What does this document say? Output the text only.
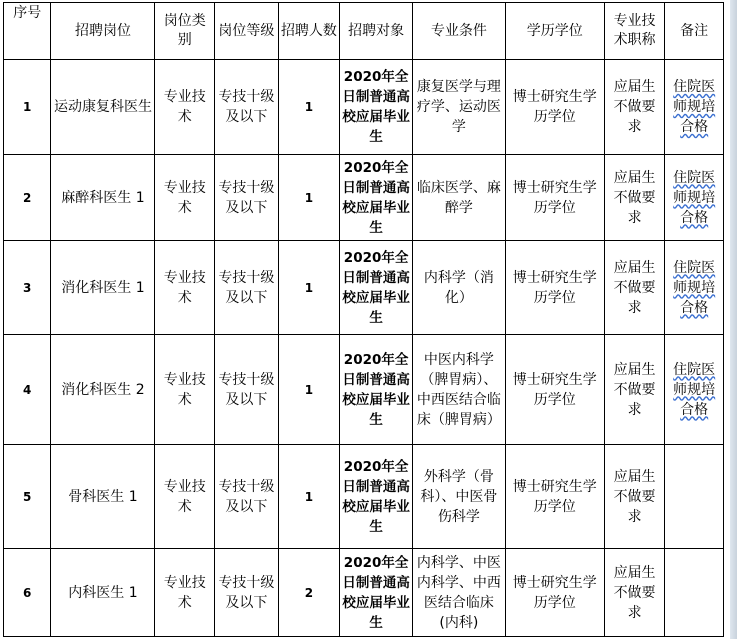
序号	招聘岗位	岗位类别	岗位等级	招聘人数	招聘对象	专业条件	学历学位	专业技术职称	备注
1	运动康复科医生	专业技术	专技十级及以下	1	2020年全日制普通高校应届毕业生	康复医学与理疗学、运动医学	博士研究生学历学位	应届生不做要求	住院医师规培合格
2	麻醉科医生 1	专业技术	专技十级及以下	1	2020年全日制普通高校应届毕业生	临床医学、麻醉学	博士研究生学历学位	应届生不做要求	住院医师规培合格
3	消化科医生 1	专业技术	专技十级及以下	1	2020年全日制普通高校应届毕业生	内科学（消化）	博士研究生学历学位	应届生不做要求	住院医师规培合格
4	消化科医生 2	专业技术	专技十级及以下	1	2020年全日制普通高校应届毕业生	中医内科学（脾胃病）、中西医结合临床（脾胃病）	博士研究生学历学位	应届生不做要求	住院医师规培合格
5	骨科医生 1	专业技术	专技十级及以下	1	2020年全日制普通高校应届毕业生	外科学（骨科）、中医骨伤科学	博士研究生学历学位	应届生不做要求	
6	内科医生 1	专业技术	专技十级及以下	2	2020年全日制普通高校应届毕业生	内科学、中医内科学、中西医结合临床(内科)	博士研究生学历学位	应届生不做要求	
